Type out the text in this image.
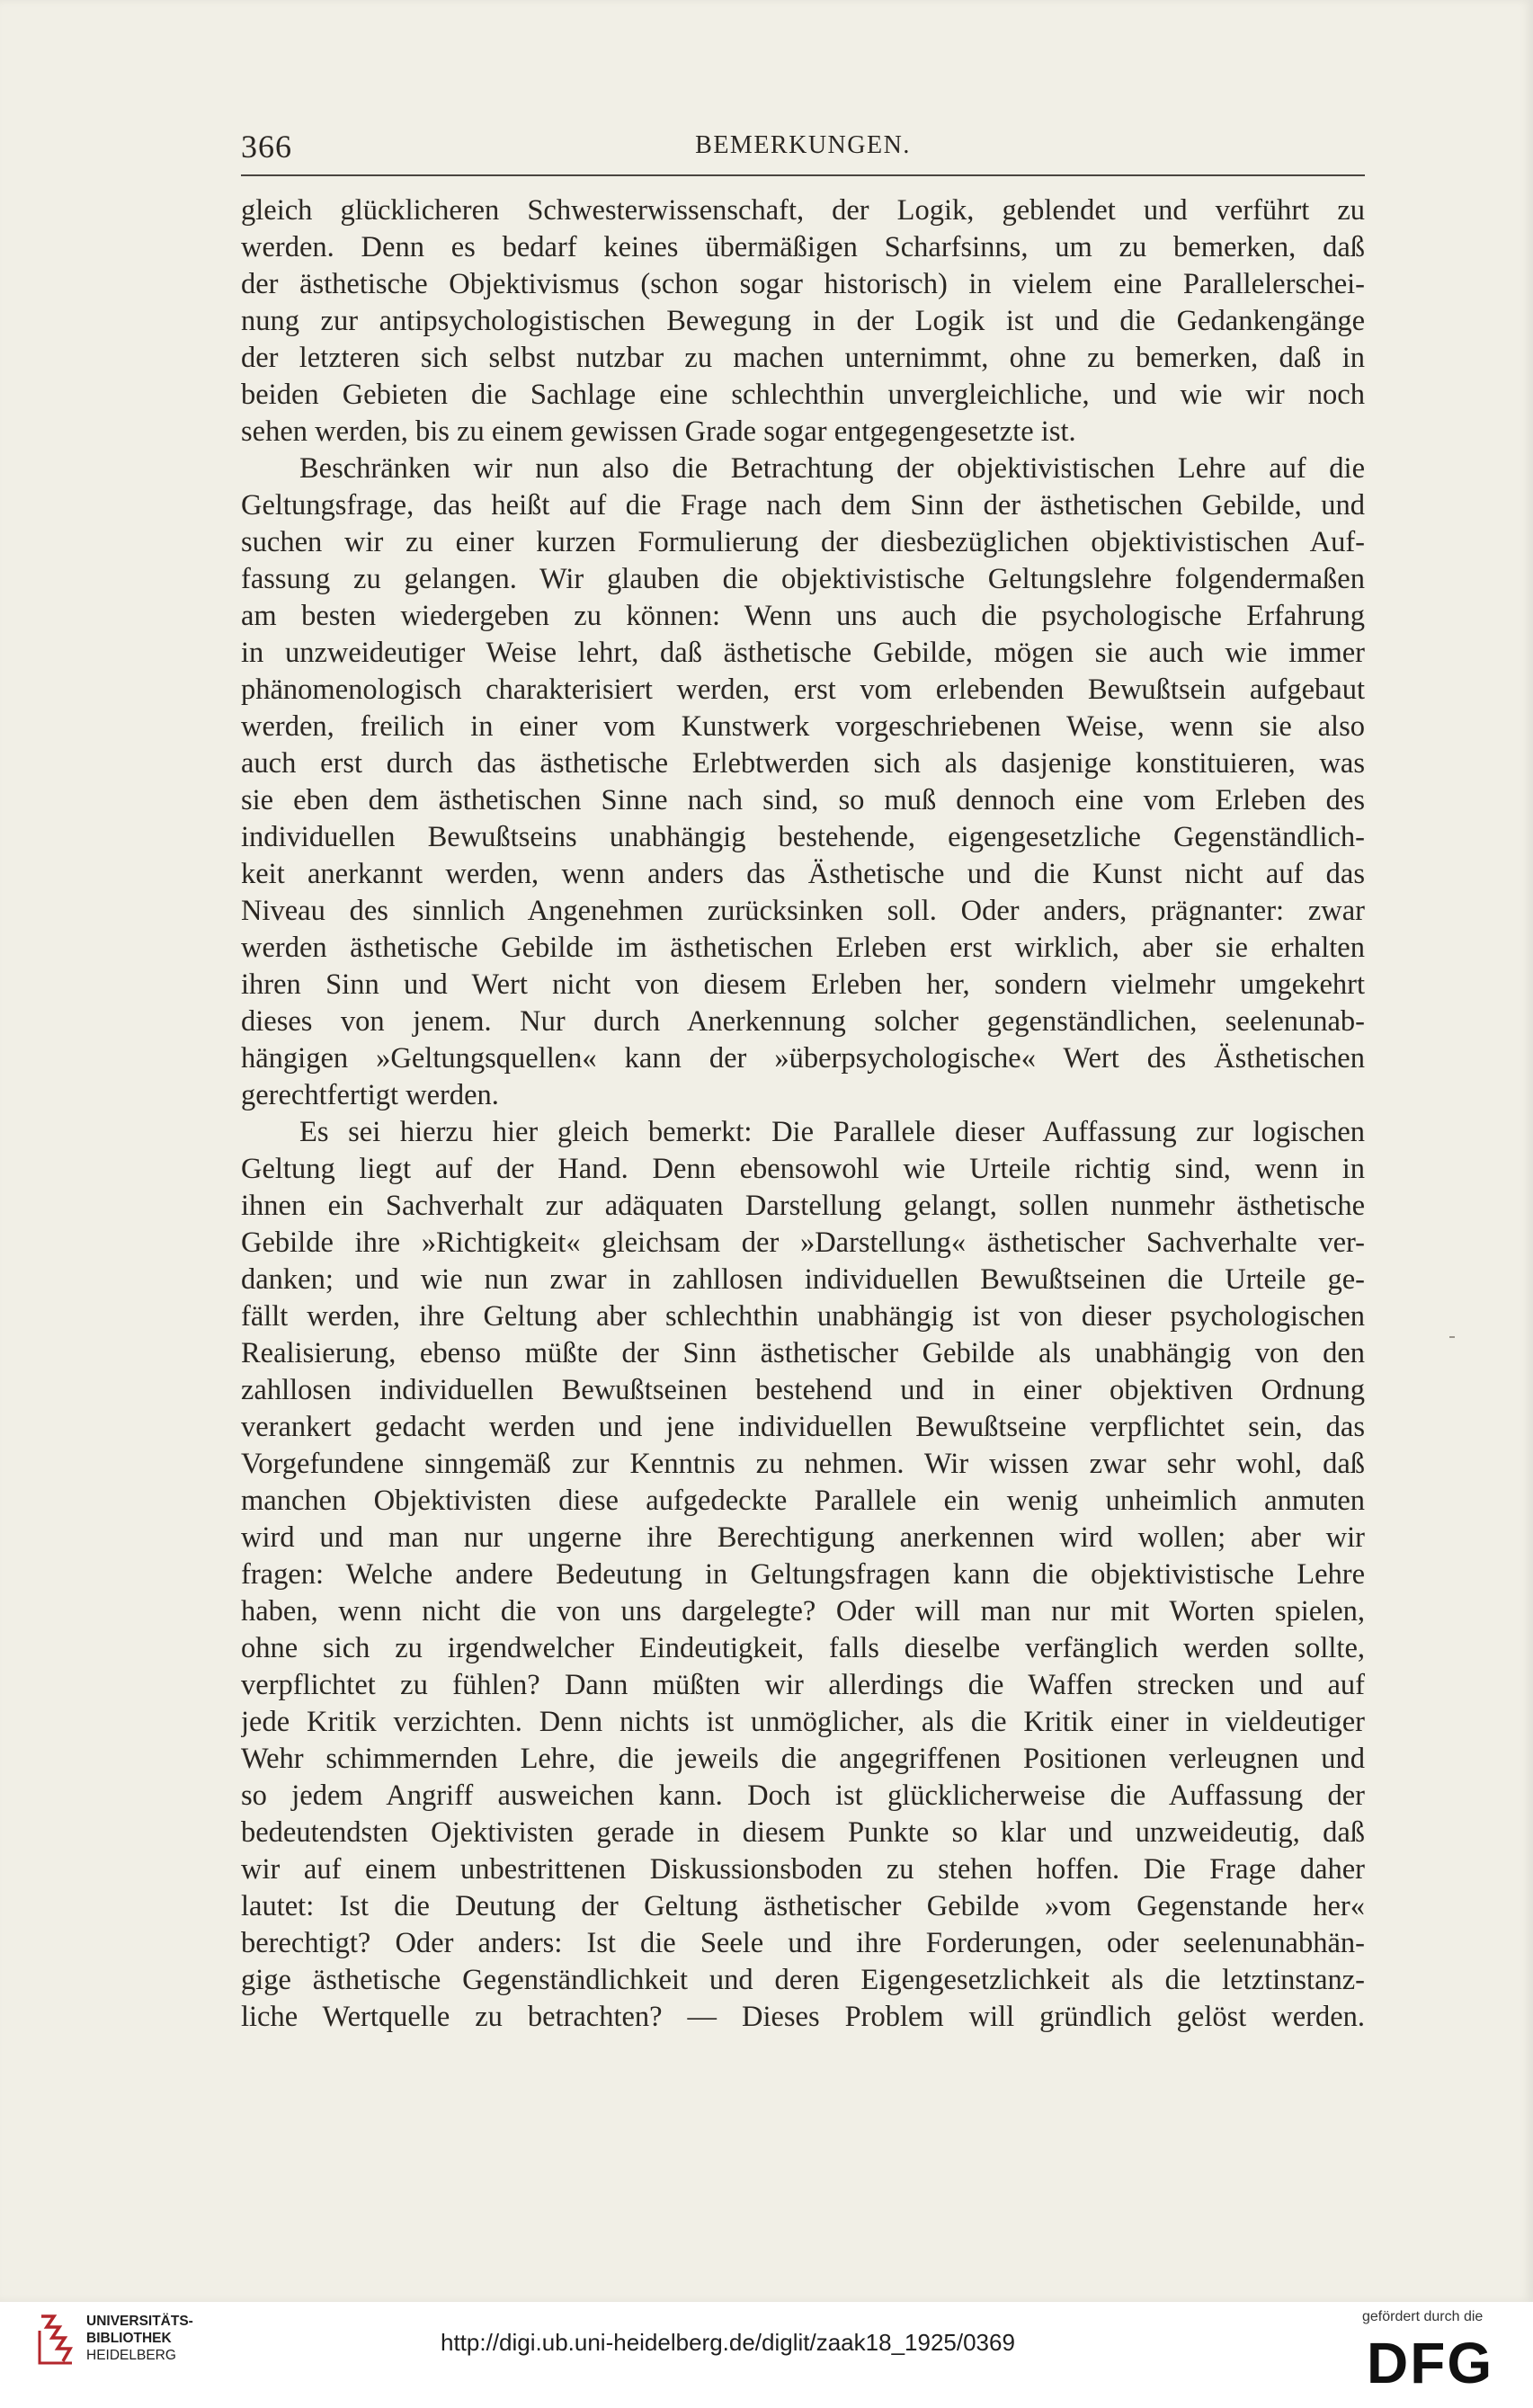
366	BEMERKUNGEN.
gleich glücklicheren Schwesterwissenschaft, der Logik, geblendet und verführt zu
werden. Denn es bedarf keines übermäßigen Scharfsinns, um zu bemerken, daß
der ästhetische Objektivismus (schon sogar historisch) in vielem eine Parallelerschei-
nung zur antipsychologistischen Bewegung in der Logik ist und die Gedankengänge
der letzteren sich selbst nutzbar zu machen unternimmt, ohne zu bemerken, daß in
beiden Gebieten die Sachlage eine schlechthin unvergleichliche, und wie wir noch
sehen werden, bis zu einem gewissen Grade sogar entgegengesetzte ist.
Beschränken wir nun also die Betrachtung der objektivistischen Lehre auf die
Geltungsfrage, das heißt auf die Frage nach dem Sinn der ästhetischen Gebilde, und
suchen wir zu einer kurzen Formulierung der diesbezüglichen objektivistischen Auf-
fassung zu gelangen. Wir glauben die objektivistische Geltungslehre folgendermaßen
am besten wiedergeben zu können: Wenn uns auch die psychologische Erfahrung
in unzweideutiger Weise lehrt, daß ästhetische Gebilde, mögen sie auch wie immer
phänomenologisch charakterisiert werden, erst vom erlebenden Bewußtsein aufgebaut
werden, freilich in einer vom Kunstwerk vorgeschriebenen Weise, wenn sie also
auch erst durch das ästhetische Erlebtwerden sich als dasjenige konstituieren, was
sie eben dem ästhetischen Sinne nach sind, so muß dennoch eine vom Erleben des
individuellen Bewußtseins unabhängig bestehende, eigengesetzliche Gegenständlich-
keit anerkannt werden, wenn anders das Ästhetische und die Kunst nicht auf das
Niveau des sinnlich Angenehmen zurücksinken soll. Oder anders, prägnanter: zwar
werden ästhetische Gebilde im ästhetischen Erleben erst wirklich, aber sie erhalten
ihren Sinn und Wert nicht von diesem Erleben her, sondern vielmehr umgekehrt
dieses von jenem. Nur durch Anerkennung solcher gegenständlichen, seelenunab-
hängigen »Geltungsquellen« kann der »überpsychologische« Wert des Ästhetischen
gerechtfertigt werden.
Es sei hierzu hier gleich bemerkt: Die Parallele dieser Auffassung zur logischen
Geltung liegt auf der Hand. Denn ebensowohl wie Urteile richtig sind, wenn in
ihnen ein Sachverhalt zur adäquaten Darstellung gelangt, sollen nunmehr ästhetische
Gebilde ihre »Richtigkeit« gleichsam der »Darstellung« ästhetischer Sachverhalte ver-
danken; und wie nun zwar in zahllosen individuellen Bewußtseinen die Urteile ge-
fällt werden, ihre Geltung aber schlechthin unabhängig ist von dieser psychologischen
Realisierung, ebenso müßte der Sinn ästhetischer Gebilde als unabhängig von den
zahllosen individuellen Bewußtseinen bestehend und in einer objektiven Ordnung
verankert gedacht werden und jene individuellen Bewußtseine verpflichtet sein, das
Vorgefundene sinngemäß zur Kenntnis zu nehmen. Wir wissen zwar sehr wohl, daß
manchen Objektivisten diese aufgedeckte Parallele ein wenig unheimlich anmuten
wird und man nur ungerne ihre Berechtigung anerkennen wird wollen; aber wir
fragen: Welche andere Bedeutung in Geltungsfragen kann die objektivistische Lehre
haben, wenn nicht die von uns dargelegte? Oder will man nur mit Worten spielen,
ohne sich zu irgendwelcher Eindeutigkeit, falls dieselbe verfänglich werden sollte,
verpflichtet zu fühlen? Dann müßten wir allerdings die Waffen strecken und auf
jede Kritik verzichten. Denn nichts ist unmöglicher, als die Kritik einer in vieldeutiger
Wehr schimmernden Lehre, die jeweils die angegriffenen Positionen verleugnen und
so jedem Angriff ausweichen kann. Doch ist glücklicherweise die Auffassung der
bedeutendsten Ojektivisten gerade in diesem Punkte so klar und unzweideutig, daß
wir auf einem unbestrittenen Diskussionsboden zu stehen hoffen. Die Frage daher
lautet: Ist die Deutung der Geltung ästhetischer Gebilde »vom Gegenstande her«
berechtigt? Oder anders: Ist die Seele und ihre Forderungen, oder seelenunabhän-
gige ästhetische Gegenständlichkeit und deren Eigengesetzlichkeit als die letztinstanz-
liche Wertquelle zu betrachten? — Dieses Problem will gründlich gelöst werden.
UNIVERSITÄTS-
BIBLIOTHEK
HEIDELBERG	http://digi.ub.uni-heidelberg.de/diglit/zaak18_1925/0369
gefördert durch die
DFG
